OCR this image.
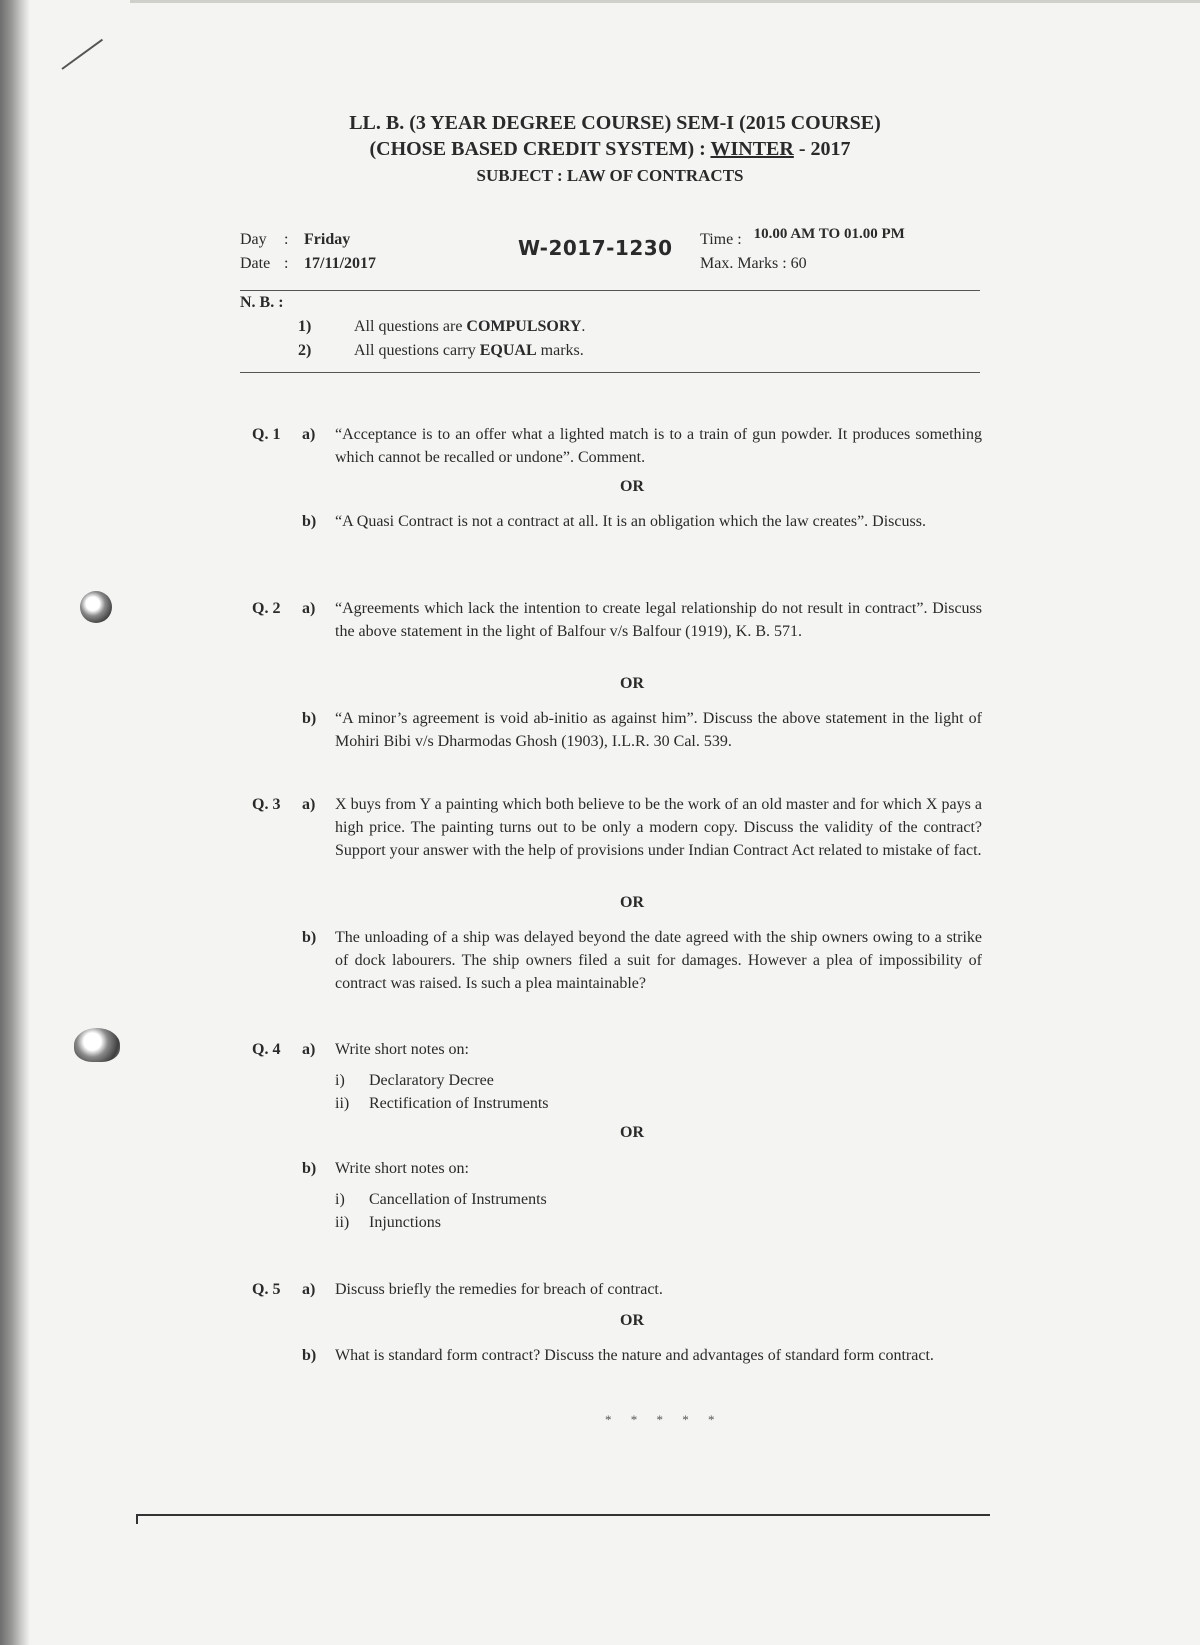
LL. B. (3 YEAR DEGREE COURSE) SEM-I (2015 COURSE)
(CHOSE BASED CREDIT SYSTEM) : WINTER - 2017
SUBJECT : LAW OF CONTRACTS
Day : Friday
Date : 17/11/2017
W-2017-1230 Time : 10.00 AM TO 01.00 PM
Max. Marks : 60
N. B. :
1)	All questions are COMPULSORY.
2)	All questions carry EQUAL marks.
Q. 1 a) “Acceptance is to an offer what a lighted match is to a train of gun powder. It produces something which cannot be recalled or undone”. Comment.
OR
b) “A Quasi Contract is not a contract at all. It is an obligation which the law creates”. Discuss.
Q. 2 a) “Agreements which lack the intention to create legal relationship do not result in contract”. Discuss the above statement in the light of Balfour v/s Balfour (1919), K. B. 571.
OR
b) “A minor’s agreement is void ab-initio as against him”. Discuss the above statement in the light of Mohiri Bibi v/s Dharmodas Ghosh (1903), I.L.R. 30 Cal. 539.
Q. 3 a) X buys from Y a painting which both believe to be the work of an old master and for which X pays a high price. The painting turns out to be only a modern copy. Discuss the validity of the contract? Support your answer with the help of provisions under Indian Contract Act related to mistake of fact.
OR
b) The unloading of a ship was delayed beyond the date agreed with the ship owners owing to a strike of dock labourers. The ship owners filed a suit for damages. However a plea of impossibility of contract was raised. Is such a plea maintainable?
Q. 4 a) Write short notes on:
i) Declaratory Decree
ii) Rectification of Instruments
OR
b) Write short notes on:
i) Cancellation of Instruments
ii) Injunctions
Q. 5 a) Discuss briefly the remedies for breach of contract.
OR
b) What is standard form contract? Discuss the nature and advantages of standard form contract.
* * * * *
